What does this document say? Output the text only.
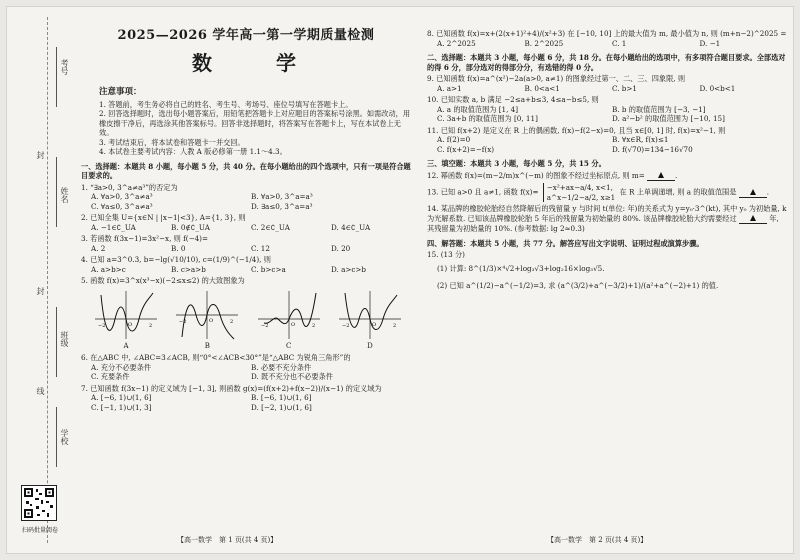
封
封
线
考号
姓名
班级
学校
扫码批量阅卷
2025—2026 学年高一第一学期质量检测
数　学
注意事项：

1. 答题前，考生务必将自己的姓名、考生号、考场号、座位号填写在答题卡上。

2. 回答选择题时，选出每小题答案后，用铅笔把答题卡上对应题目的答案标号涂黑。如需改动，用橡皮擦干净后，再选涂其他答案标号。回答非选择题时，将答案写在答题卡上，写在本试卷上无效。

3. 考试结束后，将本试卷和答题卡一并交回。

4. 本试卷主要考试内容：人教 A 版必修第一册 1.1～4.3。

一、选择题：本题共 8 小题，每小题 5 分，共 40 分。在每小题给出的四个选项中，只有一项是符合题目要求的。
1. “∃a>0, 3^a≠a³”的否定为
A. ∀a>0, 3^a≠a³	B. ∀a>0, 3^a=a³
C. ∀a≤0, 3^a≠a³	D. ∃a≤0, 3^a=a³
2. 已知全集 U={x∈N | |x−1|<3}, A={1, 3}, 则
A. −1∈∁_UA	B. 0∉∁_UA	C. 2∈∁_UA	D. 4∈∁_UA
3. 若函数 f(3x−1)=3x²−x, 则 f(−4)=
A. 2	B. 0	C. 12	D. 20
4. 已知 a=3^0.3, b=−lg(√10/10), c=(1/9)^(−1/4), 则
A. a>b>c	B. c>a>b	C. b>c>a	D. a>c>b
5. 函数 f(x)=3^x(x³−x)(−2≤x≤2) 的大致图象为
−2	2
O
A
−2	2
O
B
−2	2
O
C
−2	2
O
D
6. 在△ABC 中, ∠ABC=3∠ACB, 则“0°<∠ACB<30°”是“△ABC 为锐角三角形”的
A. 充分不必要条件	B. 必要不充分条件
C. 充要条件	D. 既不充分也不必要条件
7. 已知函数 f(3x−1) 的定义域为 [−1, 3], 则函数 g(x)=(f(x+2)+f(x−2))/(x−1) 的定义域为
A. [−6, 1)∪(1, 6]	B. [−6, 1)∪(1, 6]
C. [−1, 1)∪(1, 3]	D. [−2, 1)∪(1, 6]
8. 已知函数 f(x)=x+(2(x+1)²+4)/(x²+3) 在 [−10, 10] 上的最大值为 m, 最小值为 n, 则 (m+n−2)^2025 =
A. 2^2025	B. 2^2025	C. 1	D. −1
二、选择题：本题共 3 小题，每小题 6 分，共 18 分。在每小题给出的选项中，有多项符合题目要求。全部选对的得 6 分，部分选对的得部分分，有选错的得 0 分。
9. 已知函数 f(x)=a^(x²)−2a(a>0, a≠1) 的图象经过第一、二、三、四象限, 则
A. a>1	B. 0<a<1	C. b>1	D. 0<b<1
10. 已知实数 a, b 满足 −2≤a+b≤3, 4≤a−b≤5, 则
A. a 的取值范围为 [1, 4]	B. b 的取值范围为 [−3, −1]
C. 3a+b 的取值范围为 [0, 11]	D. a²−b² 的取值范围为 [−10, 15]
11. 已知 f(x+2) 是定义在 R 上的偶函数, f(x)−f(2−x)=0, 且当 x∈[0, 1] 时, f(x)=x²−1, 则
A. f(2)=0	B. ∀x∈R, f(x)≤1
C. f(x+2)=−f(x)	D. f(√70)=134−16√70
三、填空题：本题共 3 小题，每小题 5 分，共 15 分。
12. 幂函数 f(x)=(m−2/m)x^(−m) 的图象不经过坐标原点, 则 m=	.
13. 已知 a>0 且 a≠1, 函数 f(x)= −x²+ax−a/4, x<1,
a^x−1/2−a/2, x≥1
在 R 上单调递增, 则 a 的取值范围是	.
14. 某品牌的橡胶轮胎经自然降解后的残留量 y 与时间 t(单位: 年)的关系式为 y=y₀·3^(kt), 其中 y₀ 为初始量, k 为光解系数. 已知该品牌橡胶轮胎 5 年后的残留量为初始量的 80%. 该品牌橡胶轮胎大约需要经过	年, 其残留量为初始量的 10%. (参考数据: lg 2≈0.3)
四、解答题：本题共 5 小题，共 77 分。解答应写出文字说明、证明过程或演算步骤。
15. (13 分)
(1) 计算: 8^(1/3)×⁴√2+log₃√3+log₂16×log₃√5.
(2) 已知 a^(1/2)−a^(−1/2)=3, 求 (a^(3/2)+a^(−3/2)+1)/(a²+a^(−2)+1) 的值.
【高一数学　第 1 页(共 4 页)】	【高一数学　第 2 页(共 4 页)】
